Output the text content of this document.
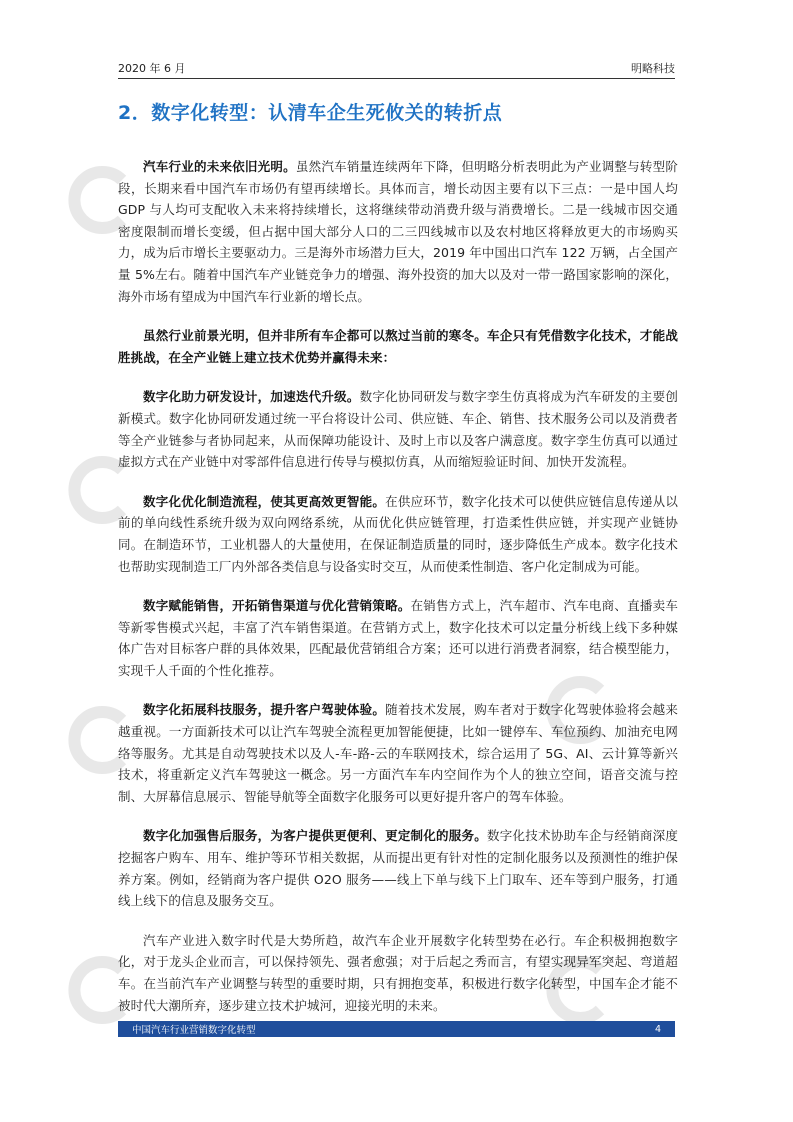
2020 年 6 月	明略科技
2．数字化转型：认清车企生死攸关的转折点

汽车行业的未来依旧光明。虽然汽车销量连续两年下降，但明略分析表明此为产业调整与转型阶段，长期来看中国汽车市场仍有望再续增长。具体而言，增长动因主要有以下三点：一是中国人均 GDP 与人均可支配收入未来将持续增长，这将继续带动消费升级与消费增长。二是一线城市因交通密度限制而增长变缓，但占据中国大部分人口的二三四线城市以及农村地区将释放更大的市场购买力，成为后市增长主要驱动力。三是海外市场潜力巨大，2019 年中国出口汽车 122 万辆，占全国产量 5%左右。随着中国汽车产业链竞争力的增强、海外投资的加大以及对一带一路国家影响的深化，海外市场有望成为中国汽车行业新的增长点。

虽然行业前景光明，但并非所有车企都可以熬过当前的寒冬。车企只有凭借数字化技术，才能战胜挑战，在全产业链上建立技术优势并赢得未来：

数字化助力研发设计，加速迭代升级。数字化协同研发与数字孪生仿真将成为汽车研发的主要创新模式。数字化协同研发通过统一平台将设计公司、供应链、车企、销售、技术服务公司以及消费者等全产业链参与者协同起来，从而保障功能设计、及时上市以及客户满意度。数字孪生仿真可以通过虚拟方式在产业链中对零部件信息进行传导与模拟仿真，从而缩短验证时间、加快开发流程。

数字化优化制造流程，使其更高效更智能。在供应环节，数字化技术可以使供应链信息传递从以前的单向线性系统升级为双向网络系统，从而优化供应链管理，打造柔性供应链，并实现产业链协同。在制造环节，工业机器人的大量使用，在保证制造质量的同时，逐步降低生产成本。数字化技术也帮助实现制造工厂内外部各类信息与设备实时交互，从而使柔性制造、客户化定制成为可能。

数字赋能销售，开拓销售渠道与优化营销策略。在销售方式上，汽车超市、汽车电商、直播卖车等新零售模式兴起，丰富了汽车销售渠道。在营销方式上，数字化技术可以定量分析线上线下多种媒体广告对目标客户群的具体效果，匹配最优营销组合方案；还可以进行消费者洞察，结合模型能力，实现千人千面的个性化推荐。

数字化拓展科技服务，提升客户驾驶体验。随着技术发展，购车者对于数字化驾驶体验将会越来越重视。一方面新技术可以让汽车驾驶全流程更加智能便捷，比如一键停车、车位预约、加油充电网络等服务。尤其是自动驾驶技术以及人-车-路-云的车联网技术，综合运用了 5G、AI、云计算等新兴技术，将重新定义汽车驾驶这一概念。另一方面汽车车内空间作为个人的独立空间，语音交流与控制、大屏幕信息展示、智能导航等全面数字化服务可以更好提升客户的驾车体验。

数字化加强售后服务，为客户提供更便利、更定制化的服务。数字化技术协助车企与经销商深度挖掘客户购车、用车、维护等环节相关数据，从而提出更有针对性的定制化服务以及预测性的维护保养方案。例如，经销商为客户提供 O2O 服务——线上下单与线下上门取车、还车等到户服务，打通线上线下的信息及服务交互。

汽车产业进入数字时代是大势所趋，故汽车企业开展数字化转型势在必行。车企积极拥抱数字化，对于龙头企业而言，可以保持领先、强者愈强；对于后起之秀而言，有望实现异军突起、弯道超车。在当前汽车产业调整与转型的重要时期，只有拥抱变革，积极进行数字化转型，中国车企才能不被时代大潮所弃，逐步建立技术护城河，迎接光明的未来。

中国汽车行业营销数字化转型	4
